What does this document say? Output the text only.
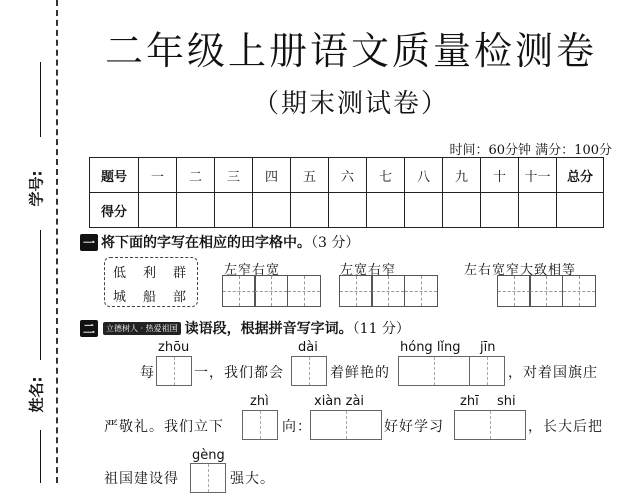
学号:
姓名:
二年级上册语文质量检测卷
（期末测试卷）
时间：60分钟 满分：100分
题号	一	二	三	四	五	六	七	八	九	十	十一	总分
得分												
一 将下面的字写在相应的田字格中。（3 分）
低 利 群
城 船 部
左窄右宽	左宽右窄	左右宽窄大致相等
二 立德树人 · 热爱祖国 读语段，根据拼音写字词。（11 分）
zhōu	dài	hóng lǐng jīn
每	一，我们都会	着鲜艳的	，对着国旗庄
zhì	xiàn zài	zhī shi
严敬礼。我们立下	向：	好好学习	，长大后把
gèng
祖国建设得	强大。
